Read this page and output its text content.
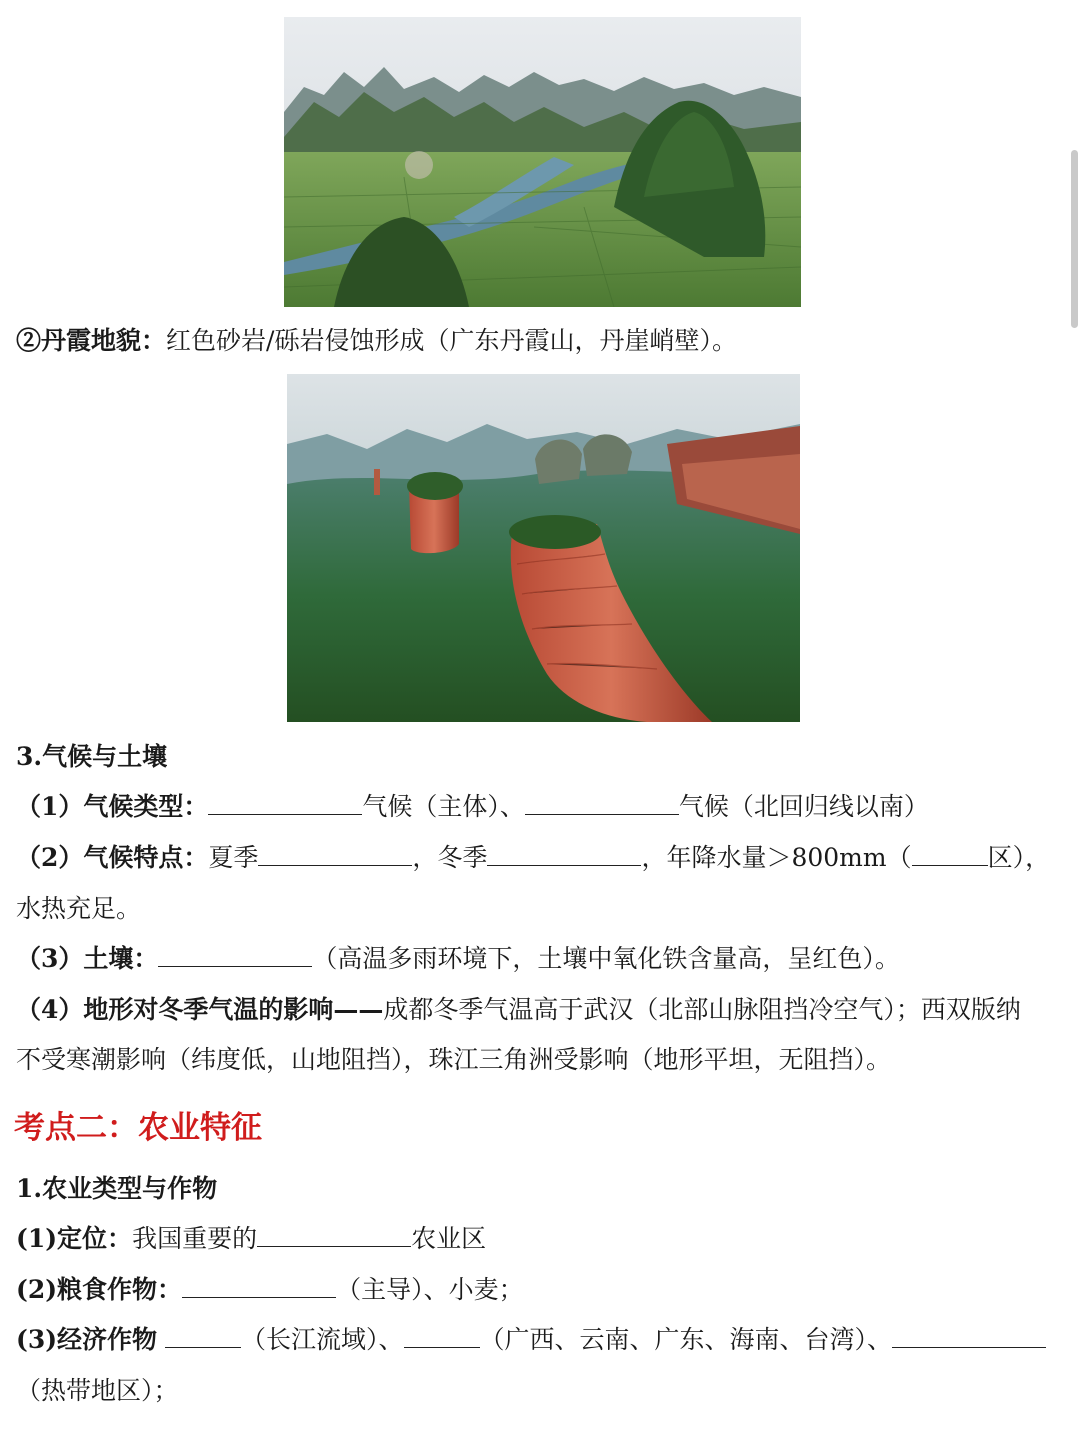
②丹霞地貌：红色砂岩/砾岩侵蚀形成（广东丹霞山，丹崖峭壁）。
3.气候与土壤
（1）气候类型：	气候（主体）、	气候（北回归线以南）
（2）气候特点：夏季	，冬季	，年降水量＞800mm（	区），
水热充足。
（3）土壤：	（高温多雨环境下，土壤中氧化铁含量高，呈红色）。
（4）地形对冬季气温的影响——成都冬季气温高于武汉（北部山脉阻挡冷空气）；西双版纳
不受寒潮影响（纬度低，山地阻挡），珠江三角洲受影响（地形平坦，无阻挡）。
考点二：农业特征
1.农业类型与作物
(1)定位：我国重要的	农业区
(2)粮食作物：	（主导）、小麦；
(3)经济作物	（长江流域）、	（广西、云南、广东、海南、台湾）、
（热带地区）；
